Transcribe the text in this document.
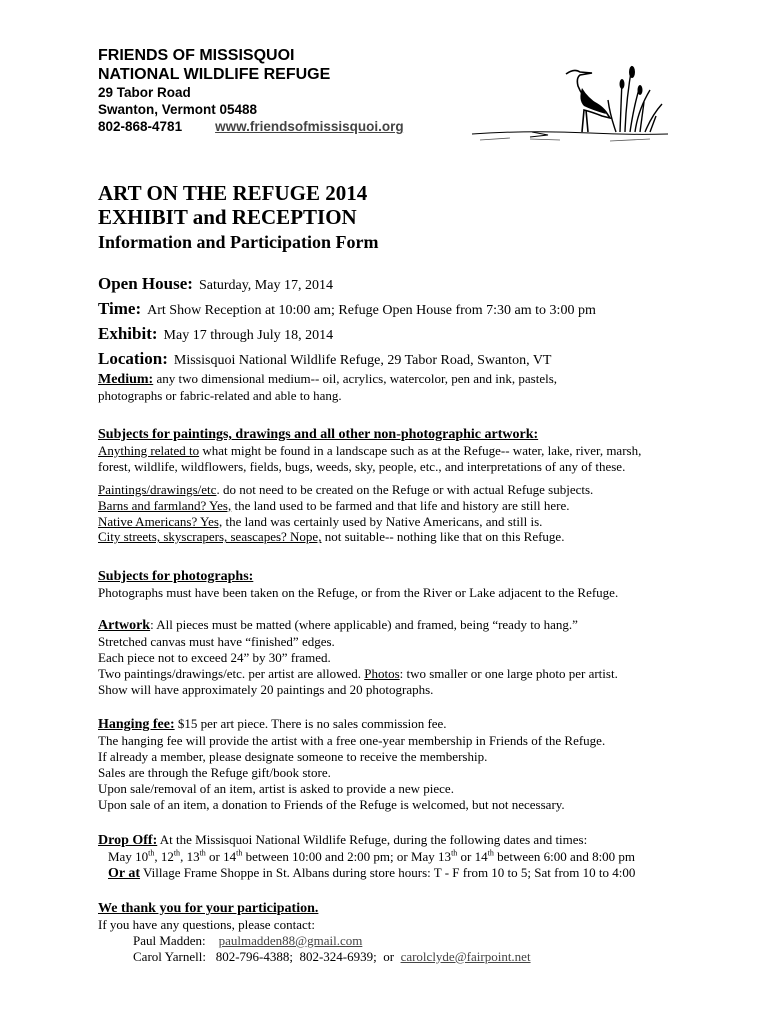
FRIENDS OF MISSISQUOI
NATIONAL WILDLIFE REFUGE
29 Tabor Road
Swanton, Vermont 05488
802-868-4781 www.friendsofmissisquoi.org
ART ON THE REFUGE 2014
EXHIBIT and RECEPTION
Information and Participation Form
Open House: Saturday, May 17, 2014
Time: Art Show Reception at 10:00 am; Refuge Open House from 7:30 am to 3:00 pm
Exhibit: May 17 through July 18, 2014
Location: Missisquoi National Wildlife Refuge, 29 Tabor Road, Swanton, VT
Medium: any two dimensional medium-- oil, acrylics, watercolor, pen and ink, pastels,
photographs or fabric-related and able to hang.
Subjects for paintings, drawings and all other non-photographic artwork:
Anything related to what might be found in a landscape such as at the Refuge-- water, lake, river, marsh,
forest, wildlife, wildflowers, fields, bugs, weeds, sky, people, etc., and interpretations of any of these.
Paintings/drawings/etc. do not need to be created on the Refuge or with actual Refuge subjects.
Barns and farmland? Yes, the land used to be farmed and that life and history are still here.
Native Americans? Yes, the land was certainly used by Native Americans, and still is.
City streets, skyscrapers, seascapes? Nope, not suitable-- nothing like that on this Refuge.
Subjects for photographs:
Photographs must have been taken on the Refuge, or from the River or Lake adjacent to the Refuge.
Artwork: All pieces must be matted (where applicable) and framed, being “ready to hang.”
Stretched canvas must have “finished” edges.
Each piece not to exceed 24” by 30” framed.
Two paintings/drawings/etc. per artist are allowed. Photos: two smaller or one large photo per artist.
Show will have approximately 20 paintings and 20 photographs.
Hanging fee: $15 per art piece. There is no sales commission fee.
The hanging fee will provide the artist with a free one-year membership in Friends of the Refuge.
If already a member, please designate someone to receive the membership.
Sales are through the Refuge gift/book store.
Upon sale/removal of an item, artist is asked to provide a new piece.
Upon sale of an item, a donation to Friends of the Refuge is welcomed, but not necessary.
Drop Off: At the Missisquoi National Wildlife Refuge, during the following dates and times:
May 10th, 12th, 13th or 14th between 10:00 and 2:00 pm; or May 13th or 14th between 6:00 and 8:00 pm
Or at Village Frame Shoppe in St. Albans during store hours: T - F from 10 to 5; Sat from 10 to 4:00
We thank you for your participation.
If you have any questions, please contact:
Paul Madden:    paulmadden88@gmail.com
Carol Yarnell:   802-796-4388;  802-324-6939;  or  carolclyde@fairpoint.net
